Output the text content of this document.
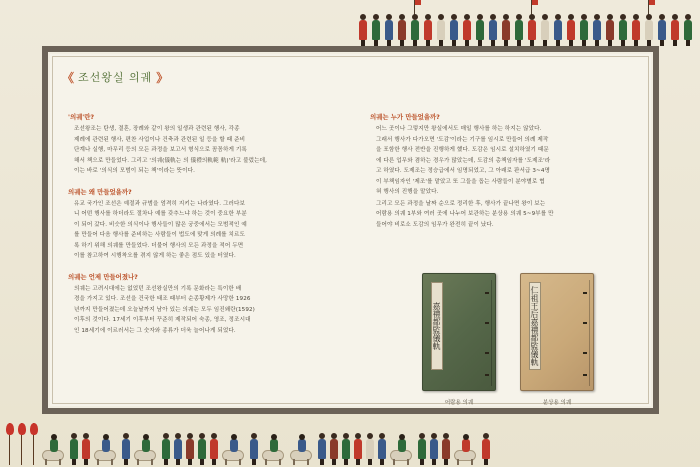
《 조선왕실 의궤 》
'의궤'란?
조선왕조는 탄생, 결혼, 장례와 같이 왕의 일생과 관련된 행사, 각종
제례에 관련된 행사, 편찬 사업이나 건축과 관련된 일 등을 할 때 준비
단계나 실행, 마무리 등의 모든 과정을 보고서 형식으로 꼼꼼하게 기록
해서 책으로 만들었다. 그리고 '의궤(儀軌는 의 儀禮의軌範 軌)'라고 불렀는데,
이는 바로 '의식의 모범이 되는 책'이라는 뜻이다.
의궤는 왜 만들었을까?
유교 국가인 조선은 예절과 규범을 엄격히 지키는 나라였다. 그러다보
니 어떤 행사를 하더라도 절차나 예를 갖추느냐 하는 것이 중요한 부분
이 되어 갔다. 비슷한 의식이나 행사들이 많은 궁중에서는 모범적인 예
를 만들어 다음 행사를 준비하는 사람들이 법도에 맞게 의례를 치르도
록 하기 위해 의궤를 만들었다. 더불어 행사의 모든 과정을 적어 두면
이를 참고하여 시행착오를 겪지 않게 하는 좋은 점도 있을 터였다.
의궤는 언제 만들어졌나?
의궤는 고려시대에는 없었던 조선왕실만의 기록 문화라는 특이한 배
경을 가지고 있다. 조선을 건국한 태조 때부터 순종황제가 사망한 1926
년까지 만들어졌는데 오늘날까지 남아 있는 의궤는 모두 임진왜란(1592)
이후의 것이다. 17세기 이후부터 꾸준히 제작되어 숙종, 영조, 정조시대
인 18세기에 이르러서는 그 숫자와 종류가 더욱 늘어나게 되었다.
의궤는 누가 만들었을까?
어느 곳이나 그렇지만 왕실에서도 매일 행사를 하는 하지는 않았다.
그래서 행사가 다가오면 '도감'이라는 기구를 임시로 만들어 의례 제작
을 포함한 행사 전반을 진행하게 했다. 도감은 임시로 설치하였기 때문
에 다른 업무와 겸하는 경우가 많았는데, 도감의 총책임자를 '도제조'라
고 하였다. 도제조는 정승급에서 임명되었고, 그 아래로 판서급 3~4명
이 부책임자인 '제조'를 맡았고 또 그들을 돕는 사람들이 분야별로 협
혀 행사의 진행을 맡았다.
그리고 모든 과정을 날짜 순으로 정리한 후, 행사가 끝나면 왕이 보는
어람용 의궤 1부와 여러 곳에 나누어 보관하는 분상용 의궤 5~9부를 만
들어야 비로소 도감의 임무가 완전히 끝이 났다.
嘉禮都監儀軌	仁祖王后嘉禮都監儀軌
어람용 의궤	분상용 의궤
